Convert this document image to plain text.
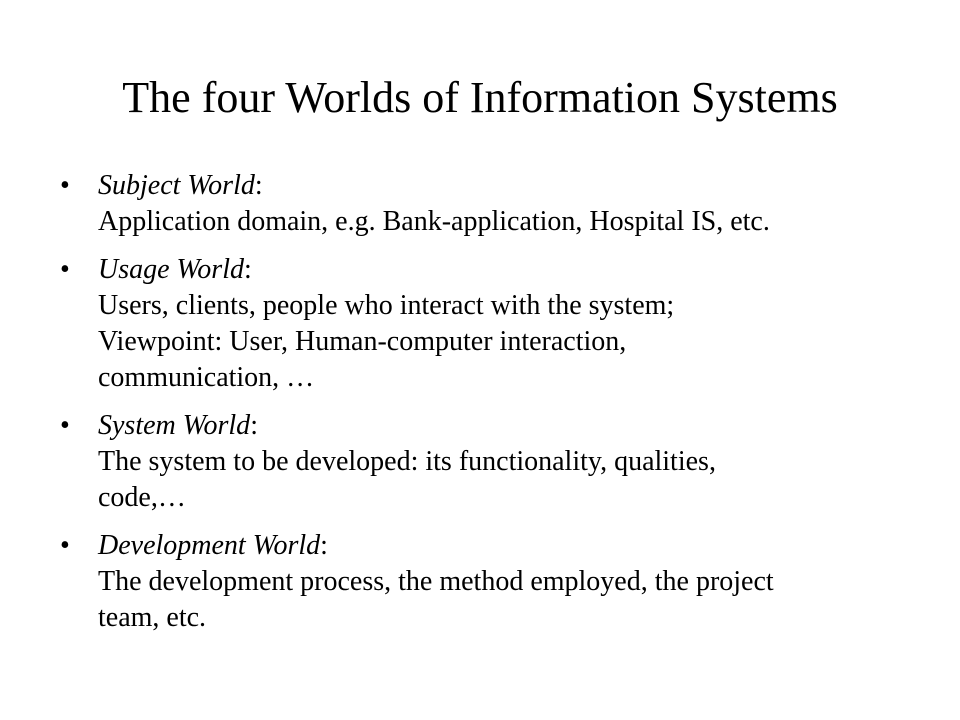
The four Worlds of Information Systems
• Subject World:
Application domain, e.g. Bank-application, Hospital IS, etc.
• Usage World:
Users, clients, people who interact with the system;
Viewpoint: User, Human-computer interaction,
communication, …
• System World:
The system to be developed: its functionality, qualities,
code,…
• Development World:
The development process, the method employed, the project
team, etc.
